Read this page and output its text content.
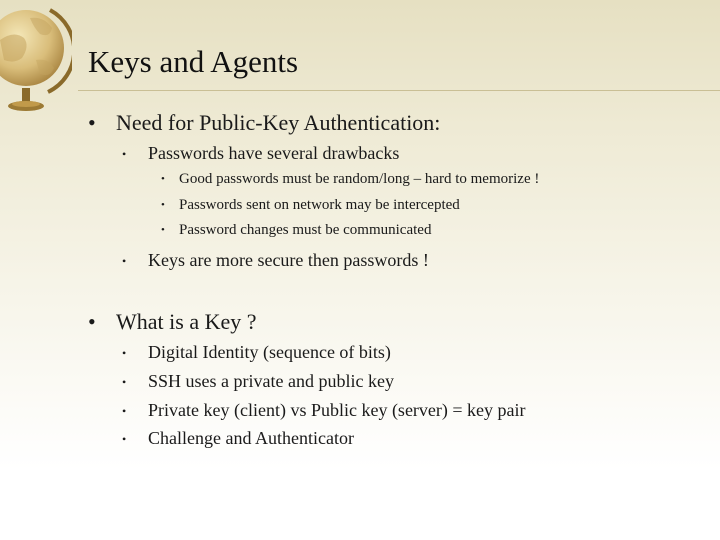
Keys and Agents
• Need for Public-Key Authentication:
• Passwords have several drawbacks
• Good passwords must be random/long – hard to memorize !
• Passwords sent on network may be intercepted
• Password changes must be communicated
• Keys are more secure then passwords !
• What is a Key ?
• Digital Identity (sequence of bits)
• SSH uses a private and public key
• Private key (client) vs Public key (server) = key pair
• Challenge and Authenticator
